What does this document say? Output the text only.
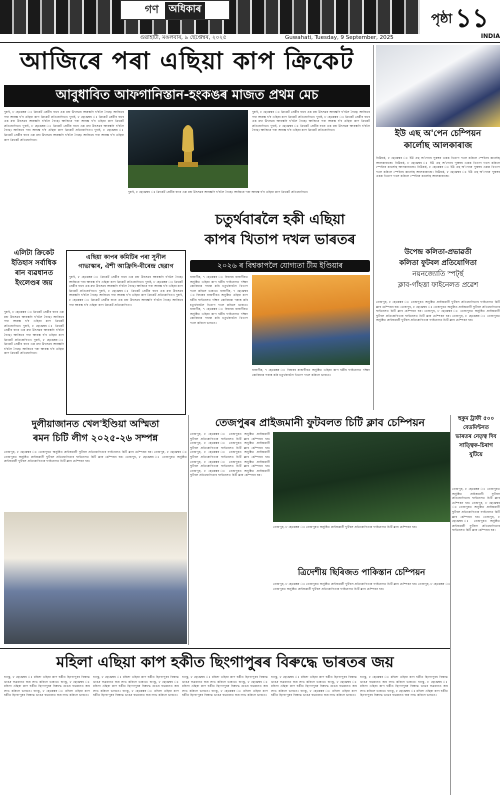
গণ	অধিকাৰ
গুৱাহাটী, মঙলবাৰ, ৯ ছেপ্তেম্বৰ, ২০২৫	Guwahati, Tuesday, 9 September, 2025
পৃষ্ঠা ১১
INDIA
আজিৰে পৰা এছিয়া কাপ ক্ৰিকেট
আবুধাবিত আফগানিস্তান-হংকঙৰ মাজত প্ৰথম মেচ
দুবাই, ৮ ছেপ্তেম্বৰ ঃ ক্ৰিকেট প্ৰেমীৰ বাবে এক মহা উৎসৱৰ আৰম্ভণি হ'বলৈ গৈছে। আজিৰে পৰা আৰম্ভ হ'ব এছিয়া কাপ ক্ৰিকেট প্ৰতিযোগিতা। দুবাই, ৮ ছেপ্তেম্বৰ ঃ ক্ৰিকেট প্ৰেমীৰ বাবে এক মহা উৎসৱৰ আৰম্ভণি হ'বলৈ গৈছে। আজিৰে পৰা আৰম্ভ হ'ব এছিয়া কাপ ক্ৰিকেট প্ৰতিযোগিতা। দুবাই, ৮ ছেপ্তেম্বৰ ঃ ক্ৰিকেট প্ৰেমীৰ বাবে এক মহা উৎসৱৰ আৰম্ভণি হ'বলৈ গৈছে। আজিৰে পৰা আৰম্ভ হ'ব এছিয়া কাপ ক্ৰিকেট প্ৰতিযোগিতা। দুবাই, ৮ ছেপ্তেম্বৰ ঃ ক্ৰিকেট প্ৰেমীৰ বাবে এক মহা উৎসৱৰ আৰম্ভণি হ'বলৈ গৈছে। আজিৰে পৰা আৰম্ভ হ'ব এছিয়া কাপ ক্ৰিকেট প্ৰতিযোগিতা।
দুবাই, ৮ ছেপ্তেম্বৰ ঃ ক্ৰিকেট প্ৰেমীৰ বাবে এক মহা উৎসৱৰ আৰম্ভণি হ'বলৈ গৈছে। আজিৰে পৰা আৰম্ভ হ'ব এছিয়া কাপ ক্ৰিকেট প্ৰতিযোগিতা।
দুবাই, ৮ ছেপ্তেম্বৰ ঃ ক্ৰিকেট প্ৰেমীৰ বাবে এক মহা উৎসৱৰ আৰম্ভণি হ'বলৈ গৈছে। আজিৰে পৰা আৰম্ভ হ'ব এছিয়া কাপ ক্ৰিকেট প্ৰতিযোগিতা। দুবাই, ৮ ছেপ্তেম্বৰ ঃ ক্ৰিকেট প্ৰেমীৰ বাবে এক মহা উৎসৱৰ আৰম্ভণি হ'বলৈ গৈছে। আজিৰে পৰা আৰম্ভ হ'ব এছিয়া কাপ ক্ৰিকেট প্ৰতিযোগিতা। দুবাই, ৮ ছেপ্তেম্বৰ ঃ ক্ৰিকেট প্ৰেমীৰ বাবে এক মহা উৎসৱৰ আৰম্ভণি হ'বলৈ গৈছে। আজিৰে পৰা আৰম্ভ হ'ব এছিয়া কাপ ক্ৰিকেট প্ৰতিযোগিতা।
এলিটা ক্ৰিকেট
ইতিহাস সৰ্বাধিক
ৰান ব্যৱধানত
ইংলেণ্ডৰ জয়
দুবাই, ৮ ছেপ্তেম্বৰ ঃ ক্ৰিকেট প্ৰেমীৰ বাবে এক মহা উৎসৱৰ আৰম্ভণি হ'বলৈ গৈছে। আজিৰে পৰা আৰম্ভ হ'ব এছিয়া কাপ ক্ৰিকেট প্ৰতিযোগিতা। দুবাই, ৮ ছেপ্তেম্বৰ ঃ ক্ৰিকেট প্ৰেমীৰ বাবে এক মহা উৎসৱৰ আৰম্ভণি হ'বলৈ গৈছে। আজিৰে পৰা আৰম্ভ হ'ব এছিয়া কাপ ক্ৰিকেট প্ৰতিযোগিতা। দুবাই, ৮ ছেপ্তেম্বৰ ঃ ক্ৰিকেট প্ৰেমীৰ বাবে এক মহা উৎসৱৰ আৰম্ভণি হ'বলৈ গৈছে। আজিৰে পৰা আৰম্ভ হ'ব এছিয়া কাপ ক্ৰিকেট প্ৰতিযোগিতা।
এছিয়া কাপৰ কমিটিৰ পৰা সুনীল
গাভাস্কাৰ, ঐশী আফ্ৰিদি-বীৰেন্দ্ৰ ছেৱাগ
দুবাই, ৮ ছেপ্তেম্বৰ ঃ ক্ৰিকেট প্ৰেমীৰ বাবে এক মহা উৎসৱৰ আৰম্ভণি হ'বলৈ গৈছে। আজিৰে পৰা আৰম্ভ হ'ব এছিয়া কাপ ক্ৰিকেট প্ৰতিযোগিতা। দুবাই, ৮ ছেপ্তেম্বৰ ঃ ক্ৰিকেট প্ৰেমীৰ বাবে এক মহা উৎসৱৰ আৰম্ভণি হ'বলৈ গৈছে। আজিৰে পৰা আৰম্ভ হ'ব এছিয়া কাপ ক্ৰিকেট প্ৰতিযোগিতা। দুবাই, ৮ ছেপ্তেম্বৰ ঃ ক্ৰিকেট প্ৰেমীৰ বাবে এক মহা উৎসৱৰ আৰম্ভণি হ'বলৈ গৈছে। আজিৰে পৰা আৰম্ভ হ'ব এছিয়া কাপ ক্ৰিকেট প্ৰতিযোগিতা। দুবাই, ৮ ছেপ্তেম্বৰ ঃ ক্ৰিকেট প্ৰেমীৰ বাবে এক মহা উৎসৱৰ আৰম্ভণি হ'বলৈ গৈছে। আজিৰে পৰা আৰম্ভ হ'ব এছিয়া কাপ ক্ৰিকেট প্ৰতিযোগিতা।
চতুৰ্থবাৰলৈ হকী এছিয়া
কাপৰ খিতাপ দখল ভাৰতৰ
২০২৬ ৰ বিশ্বকাপলৈ যোগ্যতা টীম ইণ্ডিয়াৰ
ৰাজগীৰ, ৭ ছেপ্তেম্বৰ ঃ বিহাৰৰ ৰাজগীৰত অনুষ্ঠিত এছিয়া কাপ হকীৰ ফাইনেলত দক্ষিণ কোৰিয়াক পৰাস্ত কৰি চতুৰ্থবাৰলৈ খিতাপ দখল কৰিলে ভাৰতে। ৰাজগীৰ, ৭ ছেপ্তেম্বৰ ঃ বিহাৰৰ ৰাজগীৰত অনুষ্ঠিত এছিয়া কাপ হকীৰ ফাইনেলত দক্ষিণ কোৰিয়াক পৰাস্ত কৰি চতুৰ্থবাৰলৈ খিতাপ দখল কৰিলে ভাৰতে। ৰাজগীৰ, ৭ ছেপ্তেম্বৰ ঃ বিহাৰৰ ৰাজগীৰত অনুষ্ঠিত এছিয়া কাপ হকীৰ ফাইনেলত দক্ষিণ কোৰিয়াক পৰাস্ত কৰি চতুৰ্থবাৰলৈ খিতাপ দখল কৰিলে ভাৰতে।
ৰাজগীৰ, ৭ ছেপ্তেম্বৰ ঃ বিহাৰৰ ৰাজগীৰত অনুষ্ঠিত এছিয়া কাপ হকীৰ ফাইনেলত দক্ষিণ কোৰিয়াক পৰাস্ত কৰি চতুৰ্থবাৰলৈ খিতাপ দখল কৰিলে ভাৰতে।
তেজপুৰৰ প্ৰাইজমানী ফুটবলত চিটি ক্লাব চেম্পিয়ন
তেজপুৰ, ৮ ছেপ্তেম্বৰ ঃ তেজপুৰত অনুষ্ঠিত প্ৰাইজমানী ফুটবল প্ৰতিযোগিতাৰ ফাইনেলত চিটি ক্লাব চেম্পিয়ন হয়। তেজপুৰ, ৮ ছেপ্তেম্বৰ ঃ তেজপুৰত অনুষ্ঠিত প্ৰাইজমানী ফুটবল প্ৰতিযোগিতাৰ ফাইনেলত চিটি ক্লাব চেম্পিয়ন হয়। তেজপুৰ, ৮ ছেপ্তেম্বৰ ঃ তেজপুৰত অনুষ্ঠিত প্ৰাইজমানী ফুটবল প্ৰতিযোগিতাৰ ফাইনেলত চিটি ক্লাব চেম্পিয়ন হয়। তেজপুৰ, ৮ ছেপ্তেম্বৰ ঃ তেজপুৰত অনুষ্ঠিত প্ৰাইজমানী ফুটবল প্ৰতিযোগিতাৰ ফাইনেলত চিটি ক্লাব চেম্পিয়ন হয়। তেজপুৰ, ৮ ছেপ্তেম্বৰ ঃ তেজপুৰত অনুষ্ঠিত প্ৰাইজমানী ফুটবল প্ৰতিযোগিতাৰ ফাইনেলত চিটি ক্লাব চেম্পিয়ন হয়।
তেজপুৰ, ৮ ছেপ্তেম্বৰ ঃ তেজপুৰত অনুষ্ঠিত প্ৰাইজমানী ফুটবল প্ৰতিযোগিতাৰ ফাইনেলত চিটি ক্লাব চেম্পিয়ন হয়।
ত্ৰিদেশীয় ছিৰিজত পাকিস্তান চেম্পিয়ন
তেজপুৰ, ৮ ছেপ্তেম্বৰ ঃ তেজপুৰত অনুষ্ঠিত প্ৰাইজমানী ফুটবল প্ৰতিযোগিতাৰ ফাইনেলত চিটি ক্লাব চেম্পিয়ন হয়। তেজপুৰ, ৮ ছেপ্তেম্বৰ ঃ তেজপুৰত অনুষ্ঠিত প্ৰাইজমানী ফুটবল প্ৰতিযোগিতাৰ ফাইনেলত চিটি ক্লাব চেম্পিয়ন হয়।
দুলীয়াজানত খেল'ইণ্ডিয়া অস্মিতা
ৰমন চিটি লীগ ২০২৫-২৬ সম্পন্ন
তেজপুৰ, ৮ ছেপ্তেম্বৰ ঃ তেজপুৰত অনুষ্ঠিত প্ৰাইজমানী ফুটবল প্ৰতিযোগিতাৰ ফাইনেলত চিটি ক্লাব চেম্পিয়ন হয়। তেজপুৰ, ৮ ছেপ্তেম্বৰ ঃ তেজপুৰত অনুষ্ঠিত প্ৰাইজমানী ফুটবল প্ৰতিযোগিতাৰ ফাইনেলত চিটি ক্লাব চেম্পিয়ন হয়। তেজপুৰ, ৮ ছেপ্তেম্বৰ ঃ তেজপুৰত অনুষ্ঠিত প্ৰাইজমানী ফুটবল প্ৰতিযোগিতাৰ ফাইনেলত চিটি ক্লাব চেম্পিয়ন হয়।
ইউ এছ অ'পেন চেম্পিয়ন
কাৰ্লোছ আলকাৰাজ
নিউয়ৰ্ক, ৮ ছেপ্তেম্বৰ ঃ ইউ এছ অ'পেনৰ পুৰুষৰ একক খিতাপ দখল কৰিলে স্পেইনৰ কাৰ্লোছ আলকাৰাজে। নিউয়ৰ্ক, ৮ ছেপ্তেম্বৰ ঃ ইউ এছ অ'পেনৰ পুৰুষৰ একক খিতাপ দখল কৰিলে স্পেইনৰ কাৰ্লোছ আলকাৰাজে। নিউয়ৰ্ক, ৮ ছেপ্তেম্বৰ ঃ ইউ এছ অ'পেনৰ পুৰুষৰ একক খিতাপ দখল কৰিলে স্পেইনৰ কাৰ্লোছ আলকাৰাজে। নিউয়ৰ্ক, ৮ ছেপ্তেম্বৰ ঃ ইউ এছ অ'পেনৰ পুৰুষৰ একক খিতাপ দখল কৰিলে স্পেইনৰ কাৰ্লোছ আলকাৰাজে।
উপেন্দ্ৰ কলিতা-প্ৰভাৱতী
কলিতা ফুটবল প্ৰতিযোগিতা
নয়নজ্যোতি স্পৰ্ট্ছ
ক্লাব-গাঁহত্তা ফাইনেলত প্ৰৱেশ
তেজপুৰ, ৮ ছেপ্তেম্বৰ ঃ তেজপুৰত অনুষ্ঠিত প্ৰাইজমানী ফুটবল প্ৰতিযোগিতাৰ ফাইনেলত চিটি ক্লাব চেম্পিয়ন হয়। তেজপুৰ, ৮ ছেপ্তেম্বৰ ঃ তেজপুৰত অনুষ্ঠিত প্ৰাইজমানী ফুটবল প্ৰতিযোগিতাৰ ফাইনেলত চিটি ক্লাব চেম্পিয়ন হয়। তেজপুৰ, ৮ ছেপ্তেম্বৰ ঃ তেজপুৰত অনুষ্ঠিত প্ৰাইজমানী ফুটবল প্ৰতিযোগিতাৰ ফাইনেলত চিটি ক্লাব চেম্পিয়ন হয়। তেজপুৰ, ৮ ছেপ্তেম্বৰ ঃ তেজপুৰত অনুষ্ঠিত প্ৰাইজমানী ফুটবল প্ৰতিযোগিতাৰ ফাইনেলত চিটি ক্লাব চেম্পিয়ন হয়।
হুকুম ট্ৰাফী ৫০০
বেডমিন্টনত
ভাৰতৰ নেতৃত্ব দিব
সাত্ত্বিক-চিৰাগ
যুটিয়ে
তেজপুৰ, ৮ ছেপ্তেম্বৰ ঃ তেজপুৰত অনুষ্ঠিত প্ৰাইজমানী ফুটবল প্ৰতিযোগিতাৰ ফাইনেলত চিটি ক্লাব চেম্পিয়ন হয়। তেজপুৰ, ৮ ছেপ্তেম্বৰ ঃ তেজপুৰত অনুষ্ঠিত প্ৰাইজমানী ফুটবল প্ৰতিযোগিতাৰ ফাইনেলত চিটি ক্লাব চেম্পিয়ন হয়। তেজপুৰ, ৮ ছেপ্তেম্বৰ ঃ তেজপুৰত অনুষ্ঠিত প্ৰাইজমানী ফুটবল প্ৰতিযোগিতাৰ ফাইনেলত চিটি ক্লাব চেম্পিয়ন হয়।
মহিলা এছিয়া কাপ হকীত ছিংগাপুৰৰ বিৰুদ্ধে ভাৰতৰ জয়
হাংঝু, ৮ ছেপ্তেম্বৰ ঃ মহিলা এছিয়া কাপ হকীত ছিংগাপুৰৰ বিৰুদ্ধে ডাঙৰ ব্যৱধানত জয় লাভ কৰিলে ভাৰতে। হাংঝু, ৮ ছেপ্তেম্বৰ ঃ মহিলা এছিয়া কাপ হকীত ছিংগাপুৰৰ বিৰুদ্ধে ডাঙৰ ব্যৱধানত জয় লাভ কৰিলে ভাৰতে। হাংঝু, ৮ ছেপ্তেম্বৰ ঃ মহিলা এছিয়া কাপ হকীত ছিংগাপুৰৰ বিৰুদ্ধে ডাঙৰ ব্যৱধানত জয় লাভ কৰিলে ভাৰতে।
হাংঝু, ৮ ছেপ্তেম্বৰ ঃ মহিলা এছিয়া কাপ হকীত ছিংগাপুৰৰ বিৰুদ্ধে ডাঙৰ ব্যৱধানত জয় লাভ কৰিলে ভাৰতে। হাংঝু, ৮ ছেপ্তেম্বৰ ঃ মহিলা এছিয়া কাপ হকীত ছিংগাপুৰৰ বিৰুদ্ধে ডাঙৰ ব্যৱধানত জয় লাভ কৰিলে ভাৰতে। হাংঝু, ৮ ছেপ্তেম্বৰ ঃ মহিলা এছিয়া কাপ হকীত ছিংগাপুৰৰ বিৰুদ্ধে ডাঙৰ ব্যৱধানত জয় লাভ কৰিলে ভাৰতে।
হাংঝু, ৮ ছেপ্তেম্বৰ ঃ মহিলা এছিয়া কাপ হকীত ছিংগাপুৰৰ বিৰুদ্ধে ডাঙৰ ব্যৱধানত জয় লাভ কৰিলে ভাৰতে। হাংঝু, ৮ ছেপ্তেম্বৰ ঃ মহিলা এছিয়া কাপ হকীত ছিংগাপুৰৰ বিৰুদ্ধে ডাঙৰ ব্যৱধানত জয় লাভ কৰিলে ভাৰতে। হাংঝু, ৮ ছেপ্তেম্বৰ ঃ মহিলা এছিয়া কাপ হকীত ছিংগাপুৰৰ বিৰুদ্ধে ডাঙৰ ব্যৱধানত জয় লাভ কৰিলে ভাৰতে।
হাংঝু, ৮ ছেপ্তেম্বৰ ঃ মহিলা এছিয়া কাপ হকীত ছিংগাপুৰৰ বিৰুদ্ধে ডাঙৰ ব্যৱধানত জয় লাভ কৰিলে ভাৰতে। হাংঝু, ৮ ছেপ্তেম্বৰ ঃ মহিলা এছিয়া কাপ হকীত ছিংগাপুৰৰ বিৰুদ্ধে ডাঙৰ ব্যৱধানত জয় লাভ কৰিলে ভাৰতে। হাংঝু, ৮ ছেপ্তেম্বৰ ঃ মহিলা এছিয়া কাপ হকীত ছিংগাপুৰৰ বিৰুদ্ধে ডাঙৰ ব্যৱধানত জয় লাভ কৰিলে ভাৰতে।
হাংঝু, ৮ ছেপ্তেম্বৰ ঃ মহিলা এছিয়া কাপ হকীত ছিংগাপুৰৰ বিৰুদ্ধে ডাঙৰ ব্যৱধানত জয় লাভ কৰিলে ভাৰতে। হাংঝু, ৮ ছেপ্তেম্বৰ ঃ মহিলা এছিয়া কাপ হকীত ছিংগাপুৰৰ বিৰুদ্ধে ডাঙৰ ব্যৱধানত জয় লাভ কৰিলে ভাৰতে। হাংঝু, ৮ ছেপ্তেম্বৰ ঃ মহিলা এছিয়া কাপ হকীত ছিংগাপুৰৰ বিৰুদ্ধে ডাঙৰ ব্যৱধানত জয় লাভ কৰিলে ভাৰতে।
